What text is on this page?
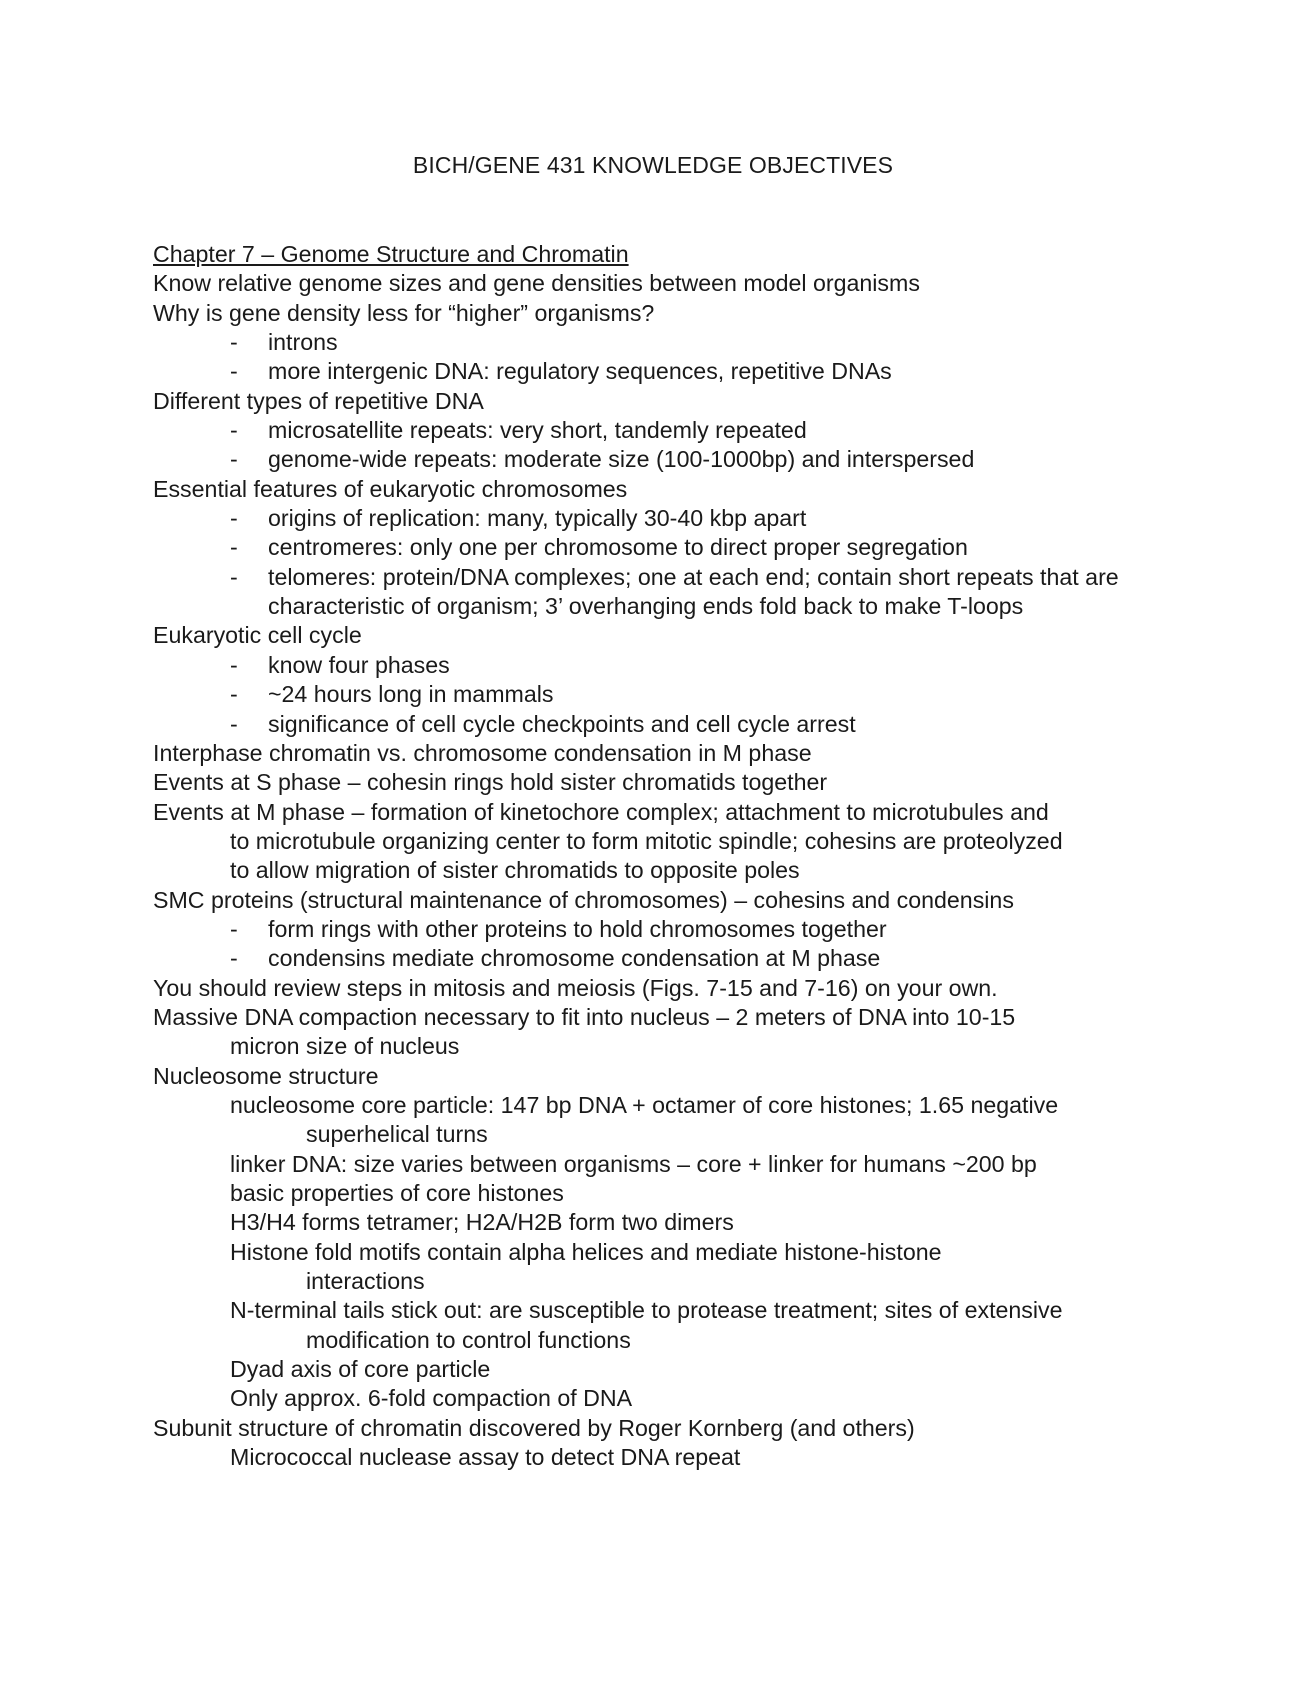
BICH/GENE 431 KNOWLEDGE OBJECTIVES
Chapter 7 – Genome Structure and Chromatin
Know relative genome sizes and gene densities between model organisms
Why is gene density less for “higher” organisms?
-	introns
-	more intergenic DNA: regulatory sequences, repetitive DNAs
Different types of repetitive DNA
-	microsatellite repeats: very short, tandemly repeated
-	genome-wide repeats: moderate size (100-1000bp) and interspersed
Essential features of eukaryotic chromosomes
-	origins of replication: many, typically 30-40 kbp apart
-	centromeres: only one per chromosome to direct proper segregation
-	telomeres: protein/DNA complexes; one at each end; contain short repeats that are characteristic of organism; 3’ overhanging ends fold back to make T-loops
Eukaryotic cell cycle
-	know four phases
-	~24 hours long in mammals
-	significance of cell cycle checkpoints and cell cycle arrest
Interphase chromatin vs. chromosome condensation in M phase
Events at S phase – cohesin rings hold sister chromatids together
Events at M phase – formation of kinetochore complex; attachment to microtubules and
to microtubule organizing center to form mitotic spindle; cohesins are proteolyzed
to allow migration of sister chromatids to opposite poles
SMC proteins (structural maintenance of chromosomes) – cohesins and condensins
-	form rings with other proteins to hold chromosomes together
-	condensins mediate chromosome condensation at M phase
You should review steps in mitosis and meiosis (Figs. 7-15 and 7-16) on your own.
Massive DNA compaction necessary to fit into nucleus – 2 meters of DNA into 10-15
micron size of nucleus
Nucleosome structure
nucleosome core particle: 147 bp DNA + octamer of core histones; 1.65 negative
superhelical turns
linker DNA: size varies between organisms – core + linker for humans ~200 bp
basic properties of core histones
H3/H4 forms tetramer; H2A/H2B form two dimers
Histone fold motifs contain alpha helices and mediate histone-histone
interactions
N-terminal tails stick out: are susceptible to protease treatment; sites of extensive
modification to control functions
Dyad axis of core particle
Only approx. 6-fold compaction of DNA
Subunit structure of chromatin discovered by Roger Kornberg (and others)
Micrococcal nuclease assay to detect DNA repeat
